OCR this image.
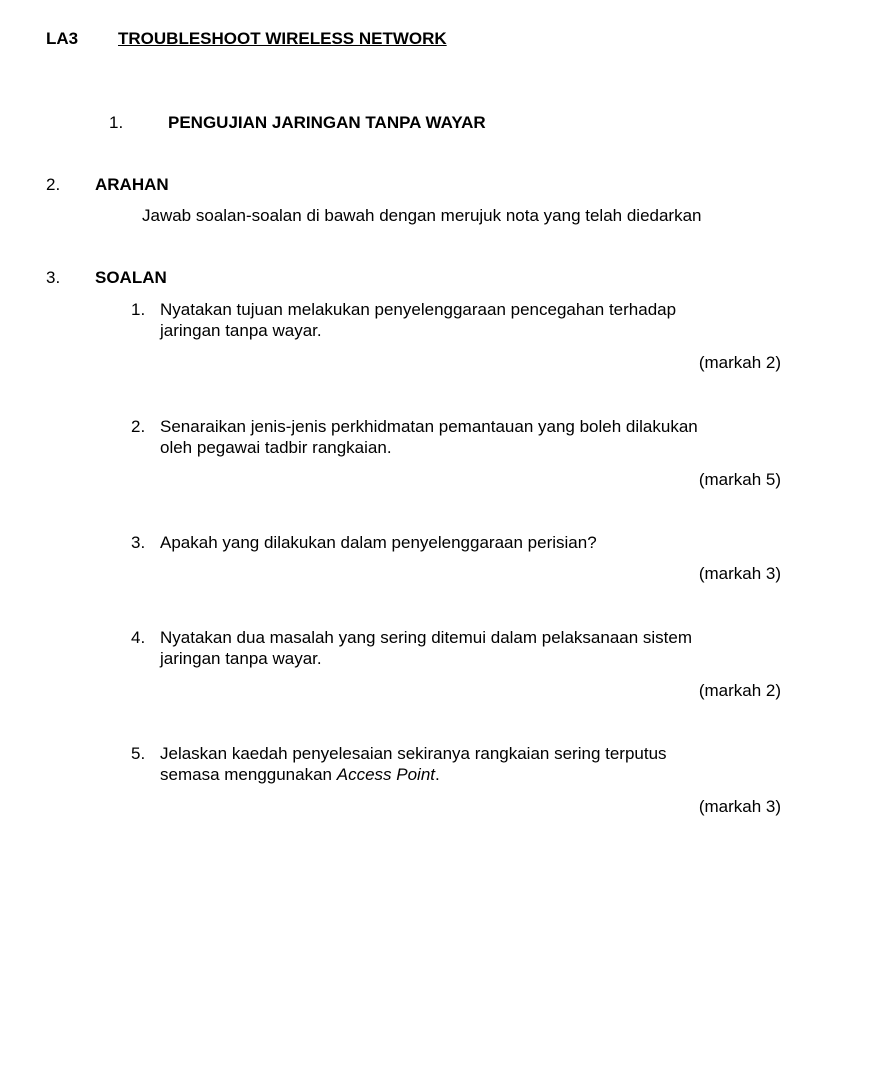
LA3 TROUBLESHOOT WIRELESS NETWORK
1.	PENGUJIAN JARINGAN TANPA WAYAR
2. ARAHAN
Jawab soalan-soalan di bawah dengan merujuk nota yang telah diedarkan
3. SOALAN
1. Nyatakan tujuan melakukan penyelenggaraan pencegahan terhadap
jaringan tanpa wayar.
(markah 2)
2. Senaraikan jenis-jenis perkhidmatan pemantauan yang boleh dilakukan
oleh pegawai tadbir rangkaian.
(markah 5)
3. Apakah yang dilakukan dalam penyelenggaraan perisian?
(markah 3)
4. Nyatakan dua masalah yang sering ditemui dalam pelaksanaan sistem
jaringan tanpa wayar.
(markah 2)
5. Jelaskan kaedah penyelesaian sekiranya rangkaian sering terputus
semasa menggunakan Access Point.
(markah 3)
